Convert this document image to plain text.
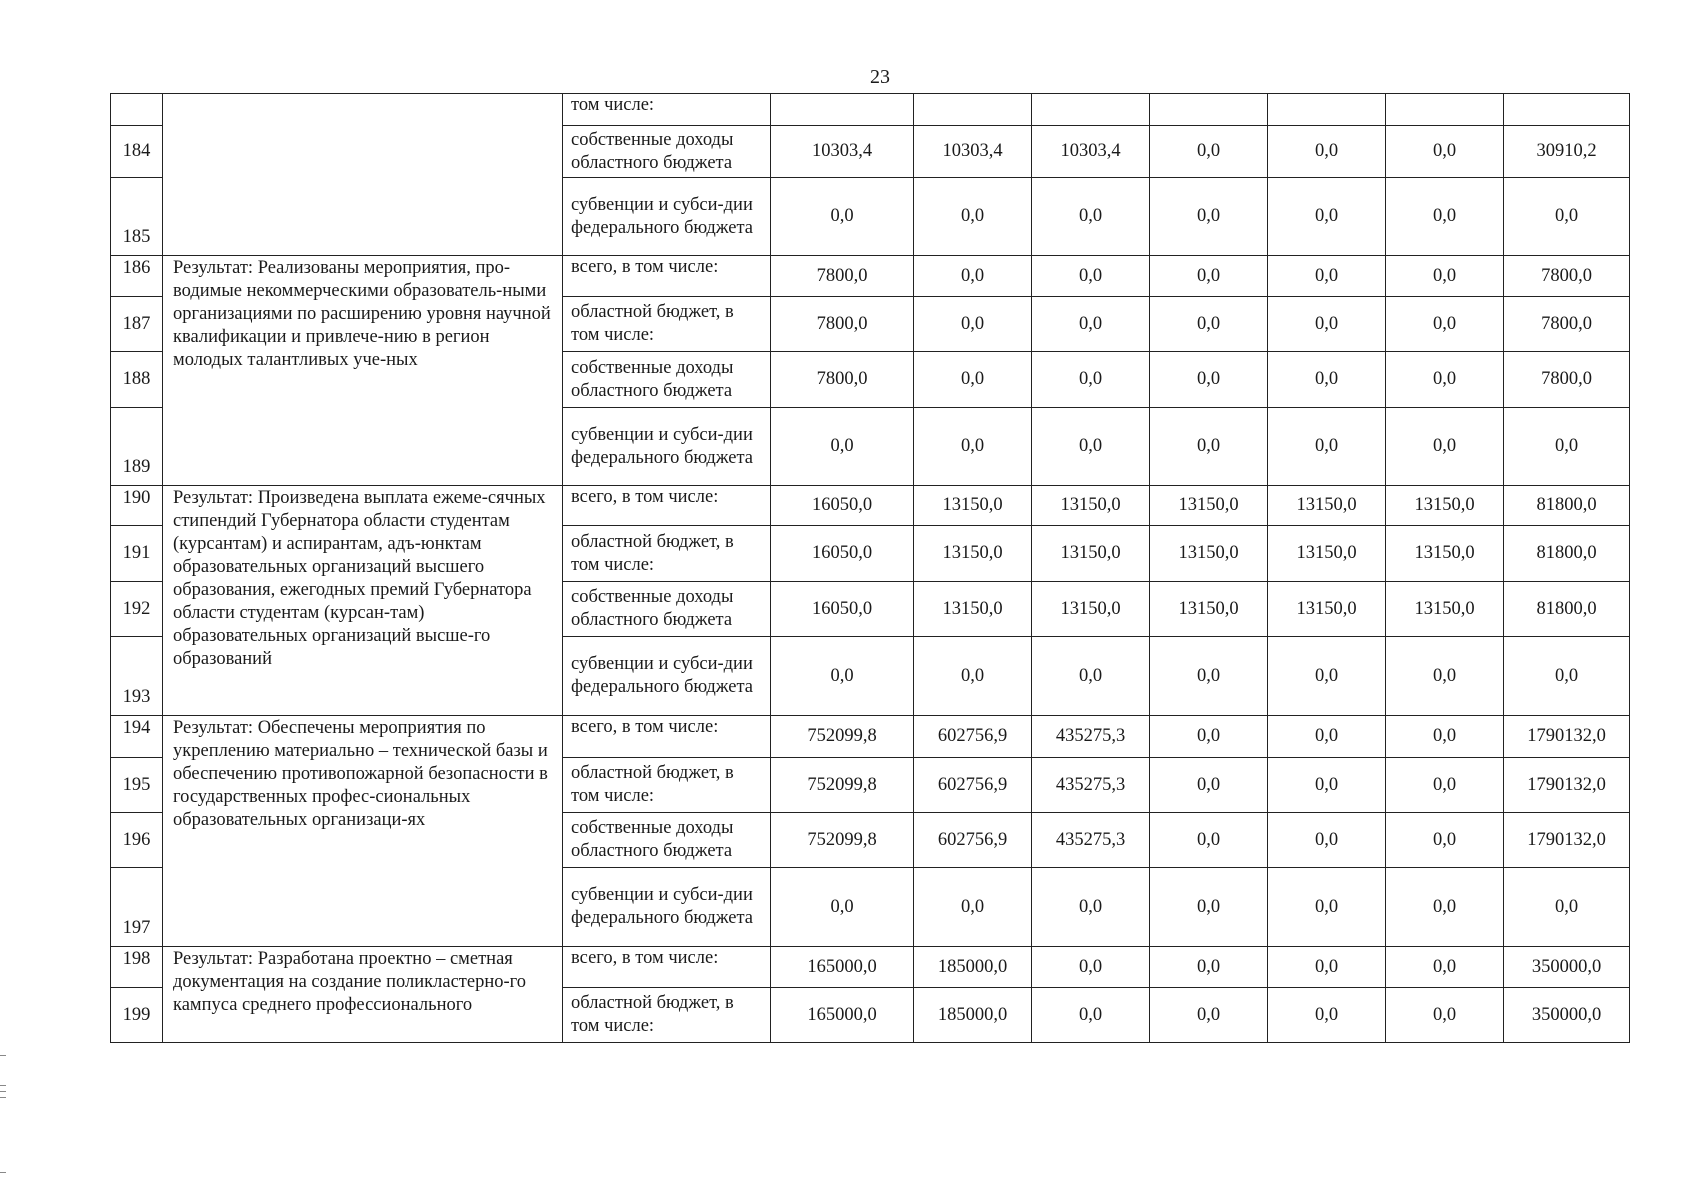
23
		том числе:							
184		собственные доходы областного бюджета	10303,4	10303,4	10303,4	0,0	0,0	0,0	30910,2
185		субвенции и субси-дии федерального бюджета	0,0	0,0	0,0	0,0	0,0	0,0	0,0
186	Результат: Реализованы мероприятия, про-водимые некоммерческими образователь-ными организациями по расширению уровня научной квалификации и привлече-нию в регион молодых талантливых уче-ных	всего, в том числе:	7800,0	0,0	0,0	0,0	0,0	0,0	7800,0
187		областной бюджет, в том числе:	7800,0	0,0	0,0	0,0	0,0	0,0	7800,0
188		собственные доходы областного бюджета	7800,0	0,0	0,0	0,0	0,0	0,0	7800,0
189		субвенции и субси-дии федерального бюджета	0,0	0,0	0,0	0,0	0,0	0,0	0,0
190	Результат: Произведена выплата ежеме-сячных стипендий Губернатора области студентам (курсантам) и аспирантам, адъ-юнктам образовательных организаций высшего образования, ежегодных премий Губернатора области студентам (курсан-там) образовательных организаций высше-го образований	всего, в том числе:	16050,0	13150,0	13150,0	13150,0	13150,0	13150,0	81800,0
191		областной бюджет, в том числе:	16050,0	13150,0	13150,0	13150,0	13150,0	13150,0	81800,0
192		собственные доходы областного бюджета	16050,0	13150,0	13150,0	13150,0	13150,0	13150,0	81800,0
193		субвенции и субси-дии федерального бюджета	0,0	0,0	0,0	0,0	0,0	0,0	0,0
194	Результат: Обеспечены мероприятия по укреплению материально – технической базы и обеспечению противопожарной безопасности в государственных профес-сиональных образовательных организаци-ях	всего, в том числе:	752099,8	602756,9	435275,3	0,0	0,0	0,0	1790132,0
195		областной бюджет, в том числе:	752099,8	602756,9	435275,3	0,0	0,0	0,0	1790132,0
196		собственные доходы областного бюджета	752099,8	602756,9	435275,3	0,0	0,0	0,0	1790132,0
197		субвенции и субси-дии федерального бюджета	0,0	0,0	0,0	0,0	0,0	0,0	0,0
198	Результат: Разработана проектно – сметная документация на создание поликластерно-го кампуса среднего профессионального	всего, в том числе:	165000,0	185000,0	0,0	0,0	0,0	0,0	350000,0
199		областной бюджет, в том числе:	165000,0	185000,0	0,0	0,0	0,0	0,0	350000,0
